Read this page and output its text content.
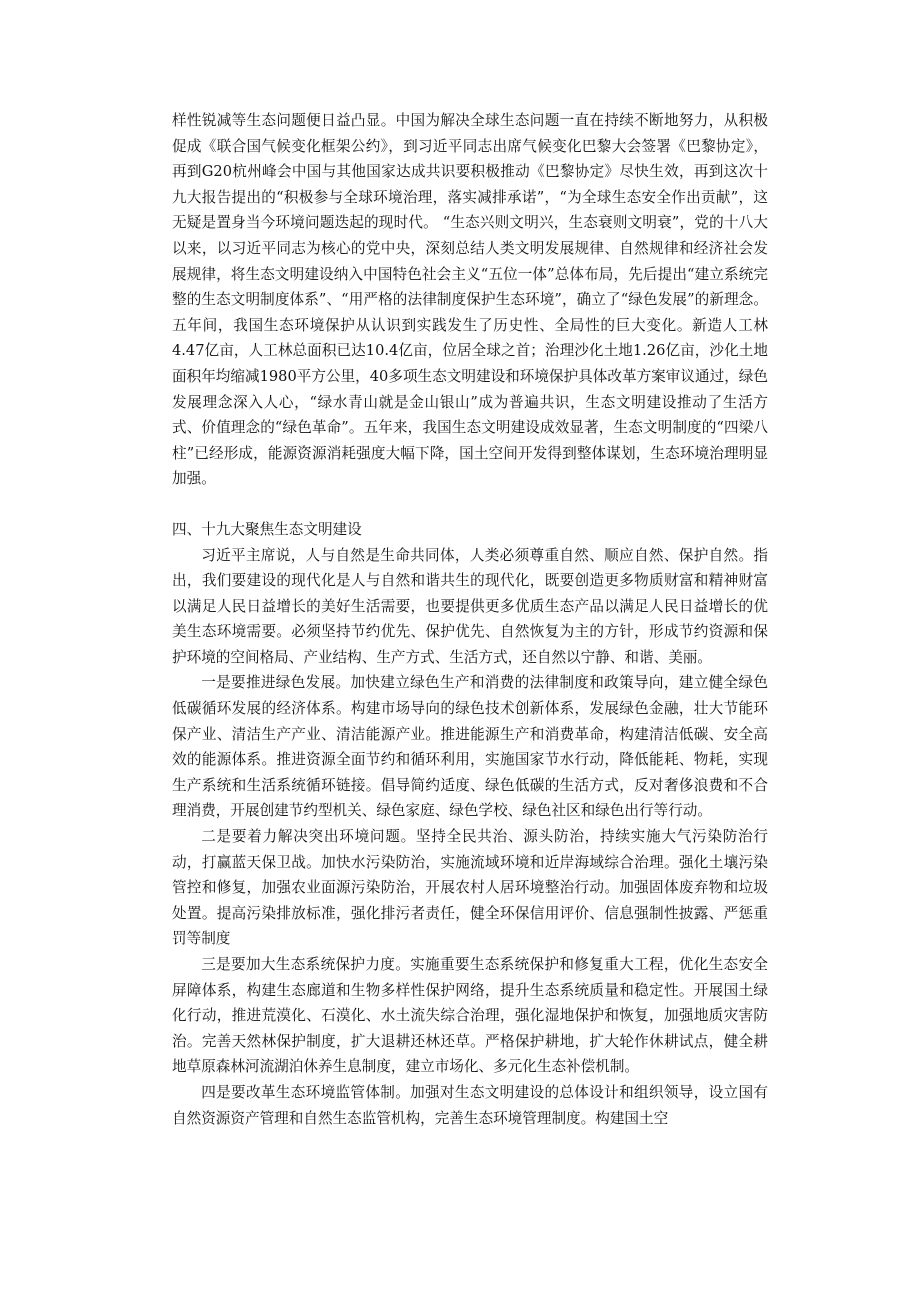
样性锐减等生态问题便日益凸显。中国为解决全球生态问题一直在持续不断地努力，从积极促成《联合国气候变化框架公约》，到习近平同志出席气候变化巴黎大会签署《巴黎协定》，再到G20杭州峰会中国与其他国家达成共识要积极推动《巴黎协定》尽快生效，再到这次十九大报告提出的“积极参与全球环境治理，落实减排承诺”，“为全球生态安全作出贡献”，这无疑是置身当今环境问题迭起的现时代。 “生态兴则文明兴，生态衰则文明衰”，党的十八大以来，以习近平同志为核心的党中央，深刻总结人类文明发展规律、自然规律和经济社会发展规律，将生态文明建设纳入中国特色社会主义“五位一体”总体布局，先后提出“建立系统完整的生态文明制度体系”、“用严格的法律制度保护生态环境”，确立了“绿色发展”的新理念。五年间，我国生态环境保护从认识到实践发生了历史性、全局性的巨大变化。新造人工林4.47亿亩，人工林总面积已达10.4亿亩，位居全球之首；治理沙化土地1.26亿亩，沙化土地面积年均缩减1980平方公里，40多项生态文明建设和环境保护具体改革方案审议通过，绿色发展理念深入人心，“绿水青山就是金山银山”成为普遍共识，生态文明建设推动了生活方式、价值理念的“绿色革命”。五年来，我国生态文明建设成效显著，生态文明制度的“四梁八柱”已经形成，能源资源消耗强度大幅下降，国土空间开发得到整体谋划，生态环境治理明显加强。

四、十九大聚焦生态文明建设

习近平主席说，人与自然是生命共同体，人类必须尊重自然、顺应自然、保护自然。指出，我们要建设的现代化是人与自然和谐共生的现代化，既要创造更多物质财富和精神财富以满足人民日益增长的美好生活需要，也要提供更多优质生态产品以满足人民日益增长的优美生态环境需要。必须坚持节约优先、保护优先、自然恢复为主的方针，形成节约资源和保护环境的空间格局、产业结构、生产方式、生活方式，还自然以宁静、和谐、美丽。

一是要推进绿色发展。加快建立绿色生产和消费的法律制度和政策导向，建立健全绿色低碳循环发展的经济体系。构建市场导向的绿色技术创新体系，发展绿色金融，壮大节能环保产业、清洁生产产业、清洁能源产业。推进能源生产和消费革命，构建清洁低碳、安全高效的能源体系。推进资源全面节约和循环利用，实施国家节水行动，降低能耗、物耗，实现生产系统和生活系统循环链接。倡导简约适度、绿色低碳的生活方式，反对奢侈浪费和不合理消费，开展创建节约型机关、绿色家庭、绿色学校、绿色社区和绿色出行等行动。

二是要着力解决突出环境问题。坚持全民共治、源头防治，持续实施大气污染防治行动，打赢蓝天保卫战。加快水污染防治，实施流域环境和近岸海域综合治理。强化土壤污染管控和修复，加强农业面源污染防治，开展农村人居环境整治行动。加强固体废弃物和垃圾处置。提高污染排放标准，强化排污者责任，健全环保信用评价、信息强制性披露、严惩重罚等制度

三是要加大生态系统保护力度。实施重要生态系统保护和修复重大工程，优化生态安全屏障体系，构建生态廊道和生物多样性保护网络，提升生态系统质量和稳定性。开展国土绿化行动，推进荒漠化、石漠化、水土流失综合治理，强化湿地保护和恢复，加强地质灾害防治。完善天然林保护制度，扩大退耕还林还草。严格保护耕地，扩大轮作休耕试点，健全耕地草原森林河流湖泊休养生息制度，建立市场化、多元化生态补偿机制。

四是要改革生态环境监管体制。加强对生态文明建设的总体设计和组织领导，设立国有自然资源资产管理和自然生态监管机构，完善生态环境管理制度。构建国土空
